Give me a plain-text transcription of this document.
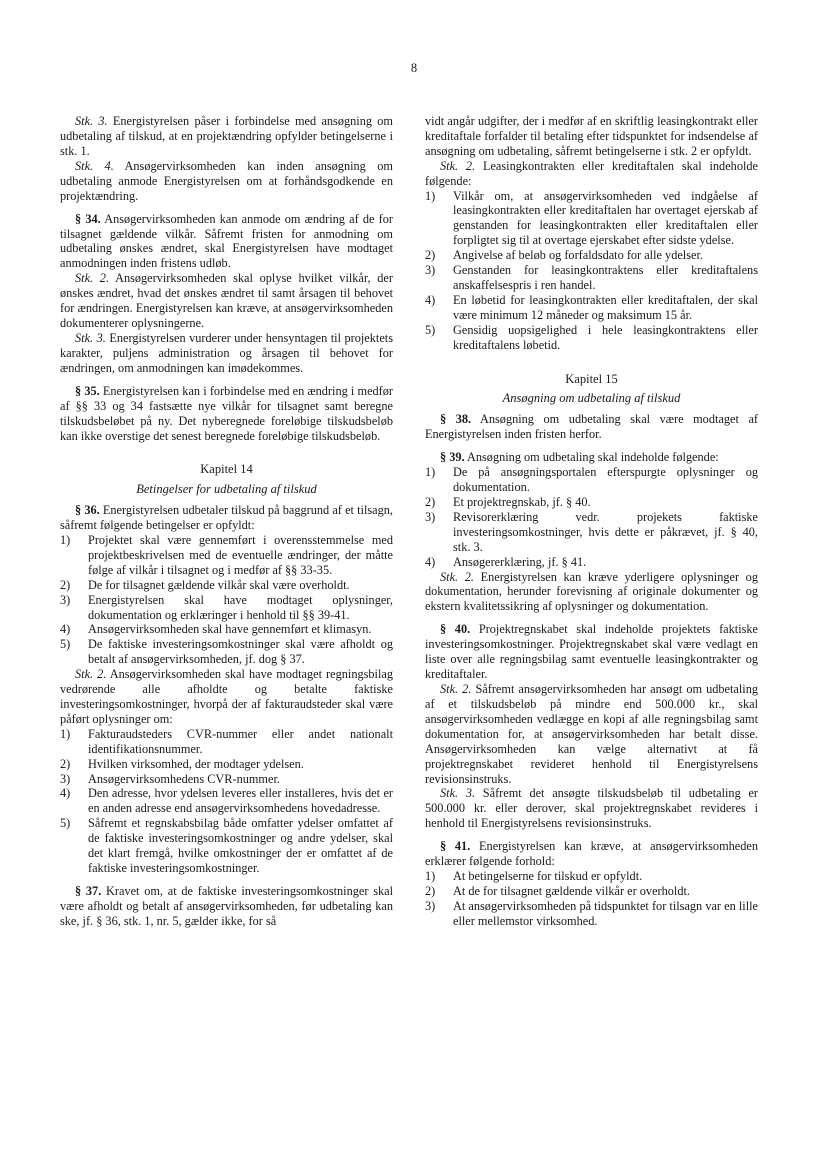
8

Stk. 3. Energistyrelsen påser i forbindelse med ansøgning om udbetaling af tilskud, at en projektændring opfylder betingelserne i stk. 1.

Stk. 4. Ansøgervirksomheden kan inden ansøgning om udbetaling anmode Energistyrelsen om at forhåndsgodkende en projektændring.

§ 34. Ansøgervirksomheden kan anmode om ændring af de for tilsagnet gældende vilkår. Såfremt fristen for anmodning om udbetaling ønskes ændret, skal Energistyrelsen have modtaget anmodningen inden fristens udløb.

Stk. 2. Ansøgervirksomheden skal oplyse hvilket vilkår, der ønskes ændret, hvad det ønskes ændret til samt årsagen til behovet for ændringen. Energistyrelsen kan kræve, at ansøgervirksomheden dokumenterer oplysningerne.

Stk. 3. Energistyrelsen vurderer under hensyntagen til projektets karakter, puljens administration og årsagen til behovet for ændringen, om anmodningen kan imødekommes.

§ 35. Energistyrelsen kan i forbindelse med en ændring i medfør af §§ 33 og 34 fastsætte nye vilkår for tilsagnet samt beregne tilskudsbeløbet på ny. Det nyberegnede foreløbige tilskudsbeløb kan ikke overstige det senest beregnede foreløbige tilskudsbeløb.

Kapitel 14

Betingelser for udbetaling af tilskud

§ 36. Energistyrelsen udbetaler tilskud på baggrund af et tilsagn, såfremt følgende betingelser er opfyldt:

1) Projektet skal være gennemført i overensstemmelse med projektbeskrivelsen med de eventuelle ændringer, der måtte følge af vilkår i tilsagnet og i medfør af §§ 33-35.
2) De for tilsagnet gældende vilkår skal være overholdt.
3) Energistyrelsen skal have modtaget oplysninger, dokumentation og erklæringer i henhold til §§ 39-41.
4) Ansøgervirksomheden skal have gennemført et klimasyn.
5) De faktiske investeringsomkostninger skal være afholdt og betalt af ansøgervirksomheden, jf. dog § 37.

Stk. 2. Ansøgervirksomheden skal have modtaget regningsbilag vedrørende alle afholdte og betalte faktiske investeringsomkostninger, hvorpå der af fakturaudsteder skal være påført oplysninger om:

1) Fakturaudsteders CVR-nummer eller andet nationalt identifikationsnummer.
2) Hvilken virksomhed, der modtager ydelsen.
3) Ansøgervirksomhedens CVR-nummer.
4) Den adresse, hvor ydelsen leveres eller installeres, hvis det er en anden adresse end ansøgervirksomhedens hovedadresse.
5) Såfremt et regnskabsbilag både omfatter ydelser omfattet af de faktiske investeringsomkostninger og andre ydelser, skal det klart fremgå, hvilke omkostninger der er omfattet af de faktiske investeringsomkostninger.

§ 37. Kravet om, at de faktiske investeringsomkostninger skal være afholdt og betalt af ansøgervirksomheden, før udbetaling kan ske, jf. § 36, stk. 1, nr. 5, gælder ikke, for så

vidt angår udgifter, der i medfør af en skriftlig leasingkontrakt eller kreditaftale forfalder til betaling efter tidspunktet for indsendelse af ansøgning om udbetaling, såfremt betingelserne i stk. 2 er opfyldt.

Stk. 2. Leasingkontrakten eller kreditaftalen skal indeholde følgende:

1) Vilkår om, at ansøgervirksomheden ved indgåelse af leasingkontrakten eller kreditaftalen har overtaget ejerskab af genstanden for leasingkontrakten eller kreditaftalen eller forpligtet sig til at overtage ejerskabet efter sidste ydelse.
2) Angivelse af beløb og forfaldsdato for alle ydelser.
3) Genstanden for leasingkontraktens eller kreditaftalens anskaffelsespris i ren handel.
4) En løbetid for leasingkontrakten eller kreditaftalen, der skal være minimum 12 måneder og maksimum 15 år.
5) Gensidig uopsigelighed i hele leasingkontraktens eller kreditaftalens løbetid.

Kapitel 15

Ansøgning om udbetaling af tilskud

§ 38. Ansøgning om udbetaling skal være modtaget af Energistyrelsen inden fristen herfor.

§ 39. Ansøgning om udbetaling skal indeholde følgende:

1) De på ansøgningsportalen efterspurgte oplysninger og dokumentation.
2) Et projektregnskab, jf. § 40.
3) Revisorerklæring vedr. projekets faktiske investeringsomkostninger, hvis dette er påkrævet, jf. § 40, stk. 3.
4) Ansøgererklæring, jf. § 41.

Stk. 2. Energistyrelsen kan kræve yderligere oplysninger og dokumentation, herunder forevisning af originale dokumenter og ekstern kvalitetssikring af oplysninger og dokumentation.

§ 40. Projektregnskabet skal indeholde projektets faktiske investeringsomkostninger. Projektregnskabet skal være vedlagt en liste over alle regningsbilag samt eventuelle leasingkontrakter og kreditaftaler.

Stk. 2. Såfremt ansøgervirksomheden har ansøgt om udbetaling af et tilskudsbeløb på mindre end 500.000 kr., skal ansøgervirksomheden vedlægge en kopi af alle regningsbilag samt dokumentation for, at ansøgervirksomheden har betalt disse. Ansøgervirksomheden kan vælge alternativt at få projektregnskabet revideret henhold til Energistyrelsens revisionsinstruks.

Stk. 3. Såfremt det ansøgte tilskudsbeløb til udbetaling er 500.000 kr. eller derover, skal projektregnskabet revideres i henhold til Energistyrelsens revisionsinstruks.

§ 41. Energistyrelsen kan kræve, at ansøgervirksomheden erklærer følgende forhold:

1) At betingelserne for tilskud er opfyldt.
2) At de for tilsagnet gældende vilkår er overholdt.
3) At ansøgervirksomheden på tidspunktet for tilsagn var en lille eller mellemstor virksomhed.
